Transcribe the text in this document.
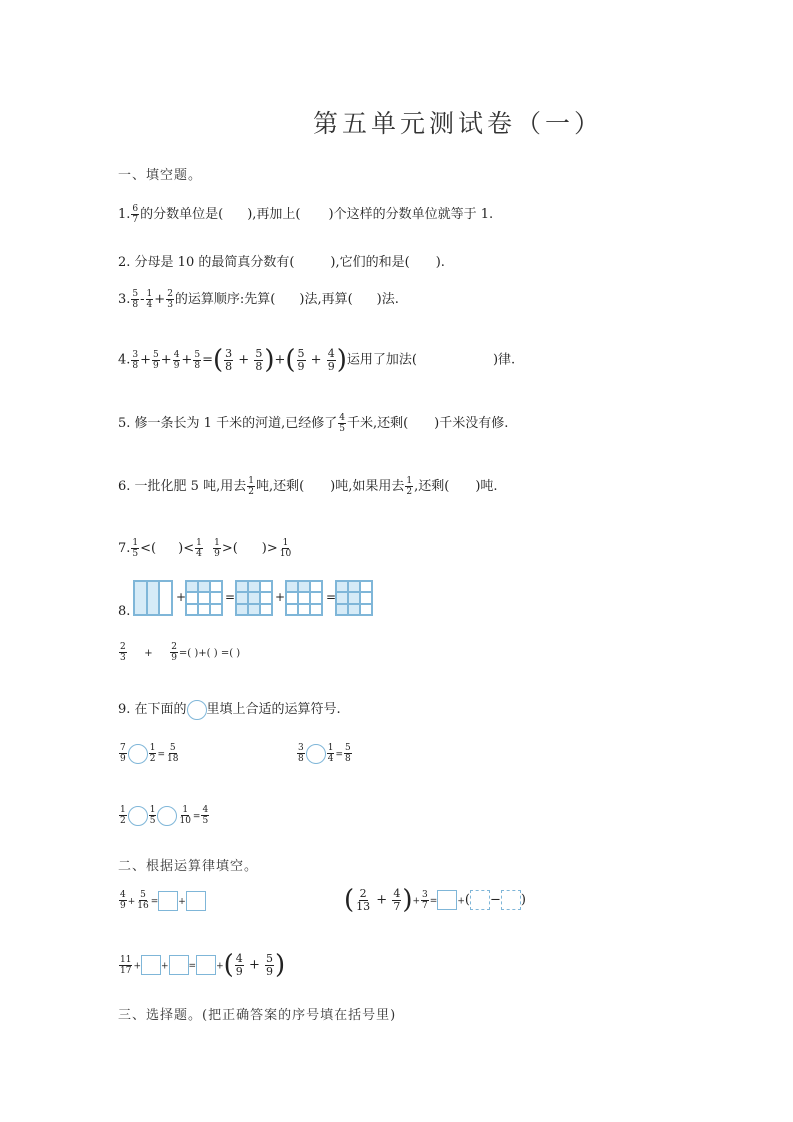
第五单元测试卷（一）
一、填空题。
1. $\frac{6}{7}$ 的分数单位是( ),再加上( )个这样的分数单位就等于 1.
2. 分母是 10 的最简真分数有(	),它们的和是( ).
3. $\frac{5}{8} - \frac{1}{4} + \frac{2}{3}$ 的运算顺序:先算( )法,再算( )法.
4. $\frac{3}{8} + \frac{5}{9} + \frac{4}{9} + \frac{5}{8}$ =( $\frac{3}{8} + \frac{5}{8}$ )+( $\frac{5}{9} + \frac{4}{9}$ )运用了加法(	)律.
5. 修一条长为 1 千米的河道,已经修了 $\frac{4}{5}$ 千米,还剩( )千米没有修.
6. 一批化肥 5 吨,用去 $\frac{1}{2}$ 吨,还剩( )吨,如果用去 $\frac{1}{2}$ ,还剩( )吨.
7. $\frac{1}{5}$ <( )< $\frac{1}{4}$
$\frac{1}{9}$ >( )> $\frac{1}{10}$
8.
+	=	+	=
$\frac{2}{3} + \frac{2}{9}$ =( )+( ) =( )
9. 在下面的 里填上合适的运算符号.
$\frac{7}{9} \frac{1}{2} = \frac{5}{18}$	$\frac{3}{8} \frac{1}{4} = \frac{5}{8}$
$\frac{1}{2} \frac{1}{5} \frac{1}{10} = \frac{4}{5}$
二、根据运算律填空。
$\frac{4}{9} + \frac{5}{16}$ = +	( $\frac{2}{13} + \frac{4}{7}$ )+ $\frac{3}{7}$ = +( − )
$\frac{11}{17}$ + + = +( $\frac{4}{9} + \frac{5}{9}$ )
三、选择题。(把正确答案的序号填在括号里)
